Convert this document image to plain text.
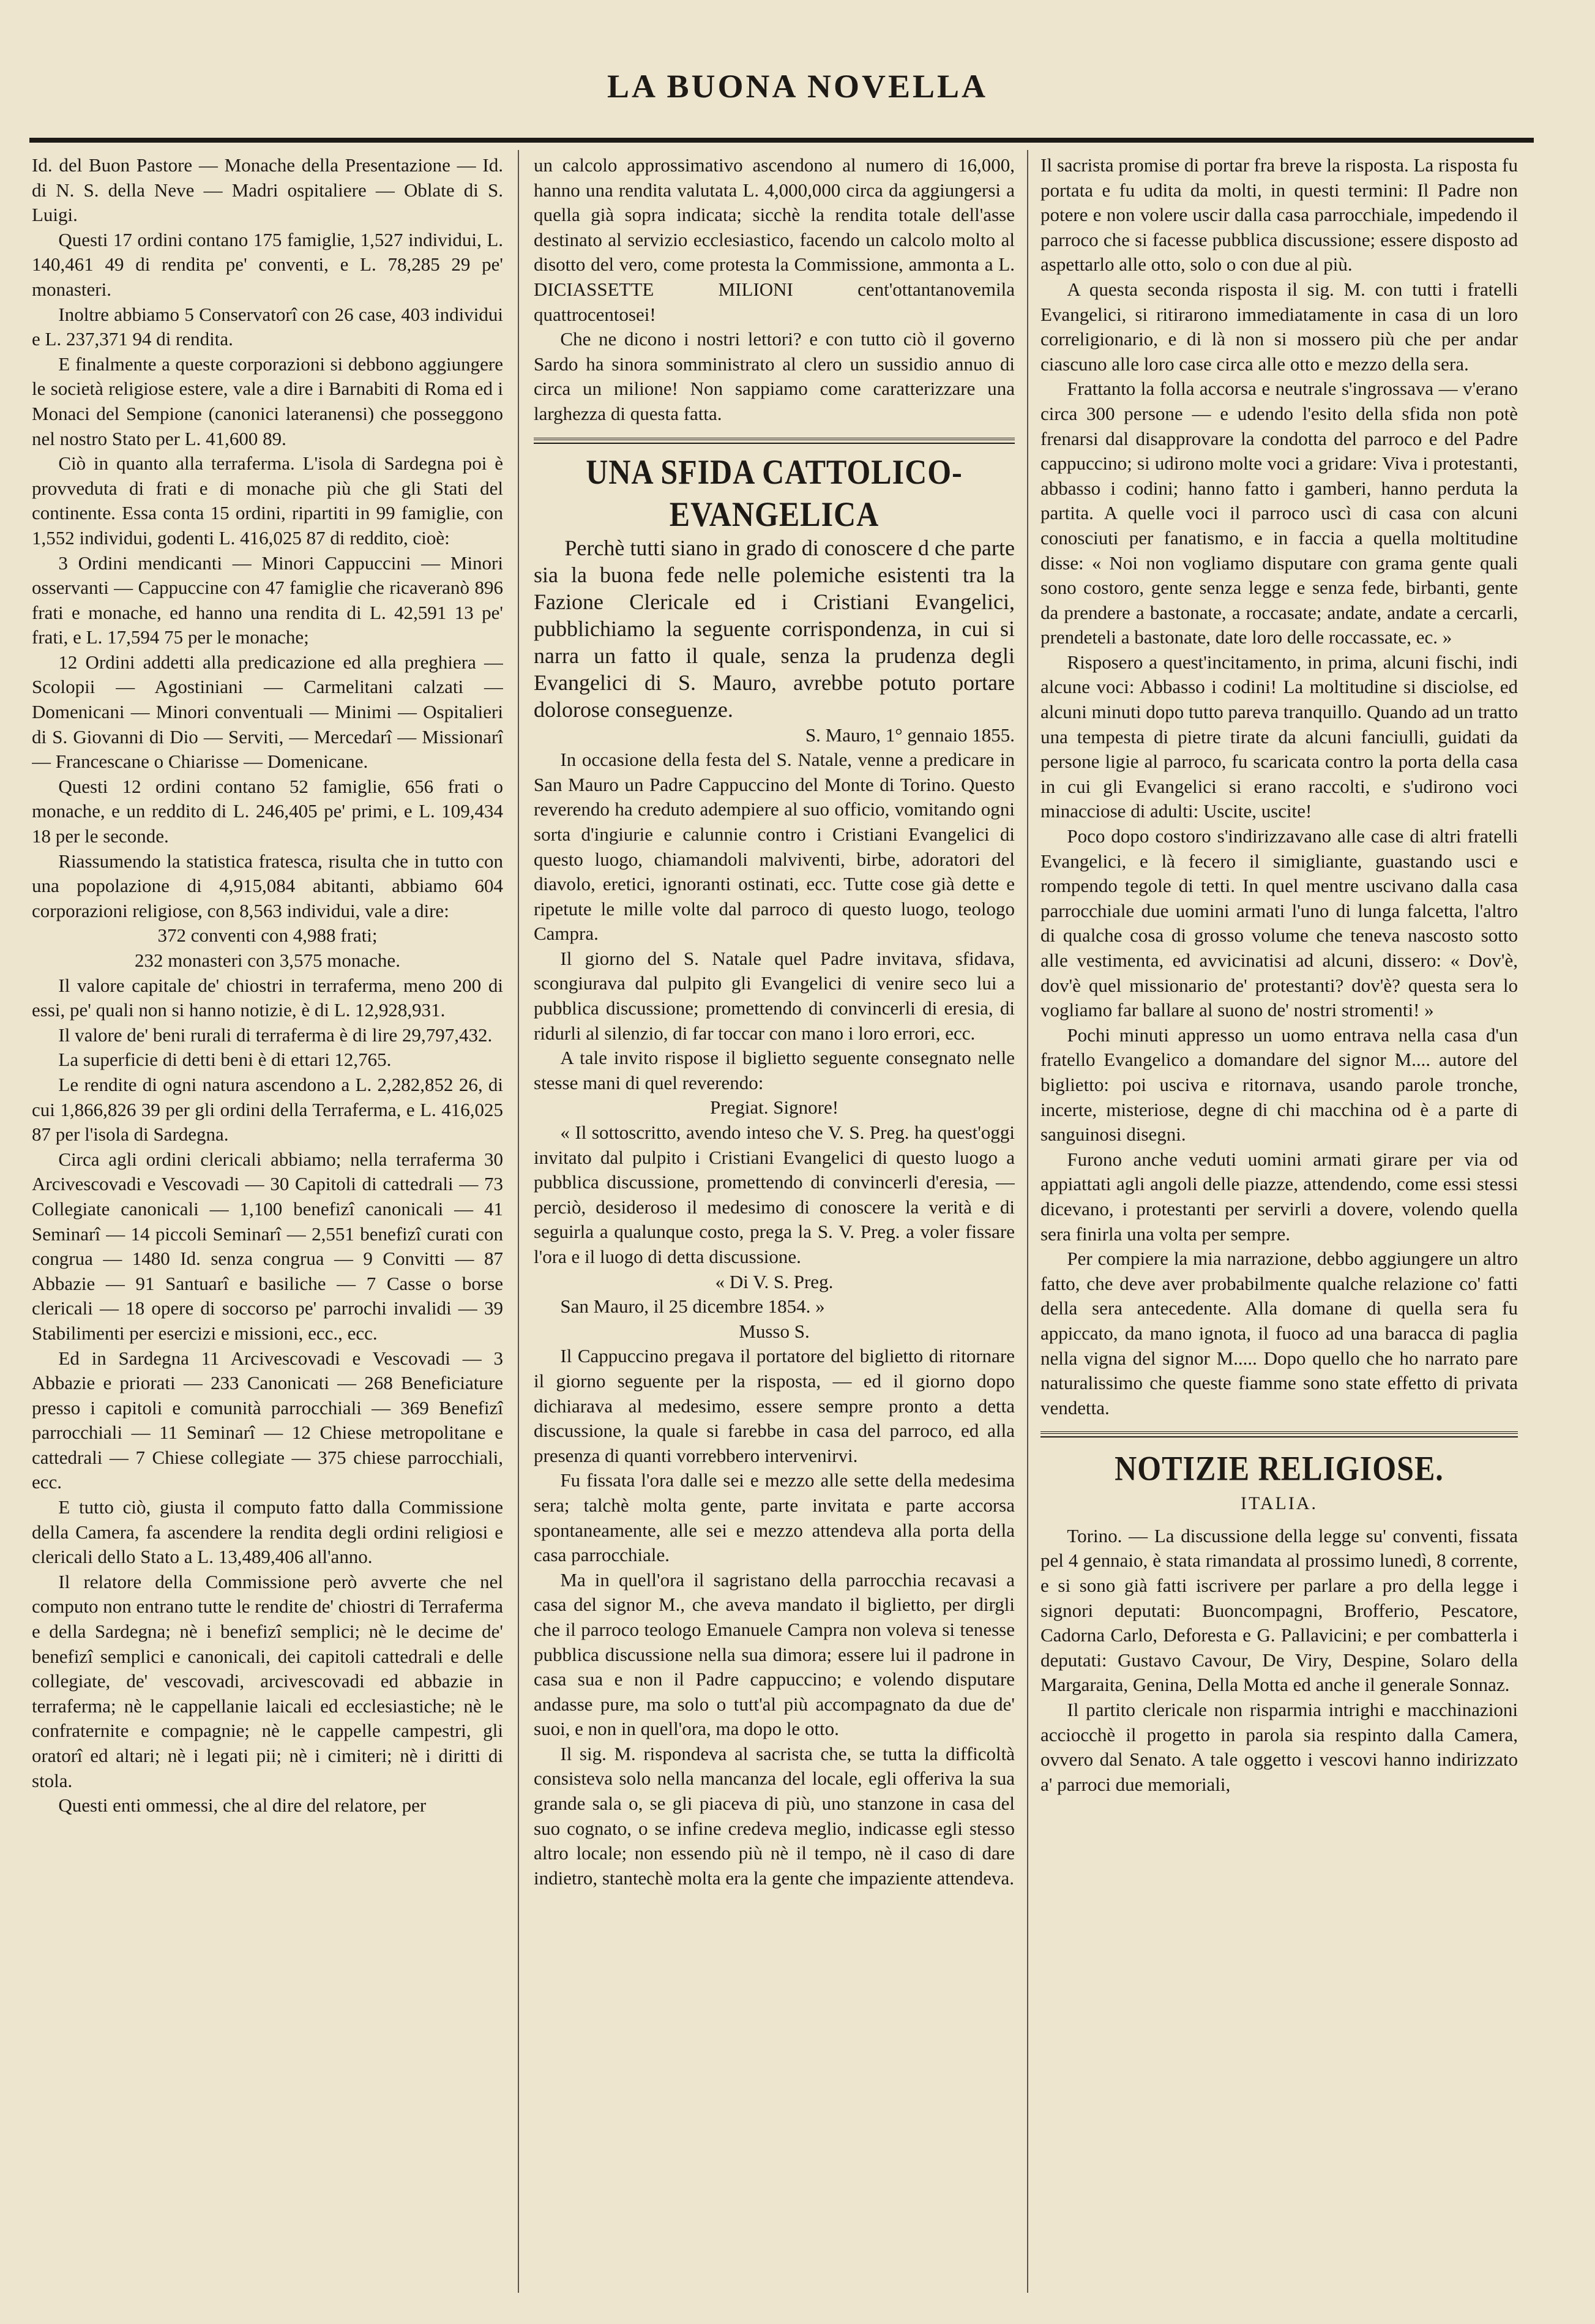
LA BUONA NOVELLA

Id. del Buon Pastore — Monache della Presentazione — Id. di N. S. della Neve — Madri ospitaliere — Oblate di S. Luigi.

Questi 17 ordini contano 175 famiglie, 1,527 individui, L. 140,461 49 di rendita pe' conventi, e L. 78,285 29 pe' monasteri.

Inoltre abbiamo 5 Conservatorî con 26 case, 403 individui e L. 237,371 94 di rendita.

E finalmente a queste corporazioni si debbono aggiungere le società religiose estere, vale a dire i Barnabiti di Roma ed i Monaci del Sempione (canonici lateranensi) che posseggono nel nostro Stato per L. 41,600 89.

Ciò in quanto alla terraferma. L'isola di Sardegna poi è provveduta di frati e di monache più che gli Stati del continente. Essa conta 15 ordini, ripartiti in 99 famiglie, con 1,552 individui, godenti L. 416,025 87 di reddito, cioè:

3 Ordini mendicanti — Minori Cappuccini — Minori osservanti — Cappuccine con 47 famiglie che ricaveranò 896 frati e monache, ed hanno una rendita di L. 42,591 13 pe' frati, e L. 17,594 75 per le monache;

12 Ordini addetti alla predicazione ed alla preghiera — Scolopii — Agostiniani — Carmelitani calzati — Domenicani — Minori conventuali — Minimi — Ospitalieri di S. Giovanni di Dio — Serviti, — Mercedarî — Missionarî — Francescane o Chiarisse — Domenicane.

Questi 12 ordini contano 52 famiglie, 656 frati o monache, e un reddito di L. 246,405 pe' primi, e L. 109,434 18 per le seconde.

Riassumendo la statistica fratesca, risulta che in tutto con una popolazione di 4,915,084 abitanti, abbiamo 604 corporazioni religiose, con 8,563 individui, vale a dire:

372 conventi con 4,988 frati;

232 monasteri con 3,575 monache.

Il valore capitale de' chiostri in terraferma, meno 200 di essi, pe' quali non si hanno notizie, è di L. 12,928,931.

Il valore de' beni rurali di terraferma è di lire 29,797,432.

La superficie di detti beni è di ettari 12,765.

Le rendite di ogni natura ascendono a L. 2,282,852 26, di cui 1,866,826 39 per gli ordini della Terraferma, e L. 416,025 87 per l'isola di Sardegna.

Circa agli ordini clericali abbiamo; nella terraferma 30 Arcivescovadi e Vescovadi — 30 Capitoli di cattedrali — 73 Collegiate canonicali — 1,100 benefizî canonicali — 41 Seminarî — 14 piccoli Seminarî — 2,551 benefizî curati con congrua — 1480 Id. senza congrua — 9 Convitti — 87 Abbazie — 91 Santuarî e basiliche — 7 Casse o borse clericali — 18 opere di soccorso pe' parrochi invalidi — 39 Stabilimenti per esercizi e missioni, ecc., ecc.

Ed in Sardegna 11 Arcivescovadi e Vescovadi — 3 Abbazie e priorati — 233 Canonicati — 268 Beneficiature presso i capitoli e comunità parrocchiali — 369 Benefizî parrocchiali — 11 Seminarî — 12 Chiese metropolitane e cattedrali — 7 Chiese collegiate — 375 chiese parrocchiali, ecc.

E tutto ciò, giusta il computo fatto dalla Commissione della Camera, fa ascendere la rendita degli ordini religiosi e clericali dello Stato a L. 13,489,406 all'anno.

Il relatore della Commissione però avverte che nel computo non entrano tutte le rendite de' chiostri di Terraferma e della Sardegna; nè i benefizî semplici; nè le decime de' benefizî semplici e canonicali, dei capitoli cattedrali e delle collegiate, de' vescovadi, arcivescovadi ed abbazie in terraferma; nè le cappellanie laicali ed ecclesiastiche; nè le confraternite e compagnie; nè le cappelle campestri, gli oratorî ed altari; nè i legati pii; nè i cimiteri; nè i diritti di stola.

Questi enti ommessi, che al dire del relatore, per

un calcolo approssimativo ascendono al numero di 16,000, hanno una rendita valutata L. 4,000,000 circa da aggiungersi a quella già sopra indicata; sicchè la rendita totale dell'asse destinato al servizio ecclesiastico, facendo un calcolo molto al disotto del vero, come protesta la Commissione, ammonta a L. DICIASSETTE MILIONI cent'ottantanovemila quattrocentosei!

Che ne dicono i nostri lettori? e con tutto ciò il governo Sardo ha sinora somministrato al clero un sussidio annuo di circa un milione! Non sappiamo come caratterizzare una larghezza di questa fatta.

UNA SFIDA CATTOLICO-EVANGELICA

Perchè tutti siano in grado di conoscere d che parte sia la buona fede nelle polemiche esistenti tra la Fazione Clericale ed i Cristiani Evangelici, pubblichiamo la seguente corrispondenza, in cui si narra un fatto il quale, senza la prudenza degli Evangelici di S. Mauro, avrebbe potuto portare dolorose conseguenze.

S. Mauro, 1° gennaio 1855.

In occasione della festa del S. Natale, venne a predicare in San Mauro un Padre Cappuccino del Monte di Torino. Questo reverendo ha creduto adempiere al suo officio, vomitando ogni sorta d'ingiurie e calunnie contro i Cristiani Evangelici di questo luogo, chiamandoli malviventi, birbe, adoratori del diavolo, eretici, ignoranti ostinati, ecc. Tutte cose già dette e ripetute le mille volte dal parroco di questo luogo, teologo Campra.

Il giorno del S. Natale quel Padre invitava, sfidava, scongiurava dal pulpito gli Evangelici di venire seco lui a pubblica discussione; promettendo di convincerli di eresia, di ridurli al silenzio, di far toccar con mano i loro errori, ecc.

A tale invito rispose il biglietto seguente consegnato nelle stesse mani di quel reverendo:

Pregiat. Signore!

« Il sottoscritto, avendo inteso che V. S. Preg. ha quest'oggi invitato dal pulpito i Cristiani Evangelici di questo luogo a pubblica discussione, promettendo di convincerli d'eresia, — perciò, desideroso il medesimo di conoscere la verità e di seguirla a qualunque costo, prega la S. V. Preg. a voler fissare l'ora e il luogo di detta discussione.

« Di V. S. Preg.

San Mauro, il 25 dicembre 1854. »

Musso S.

Il Cappuccino pregava il portatore del biglietto di ritornare il giorno seguente per la risposta, — ed il giorno dopo dichiarava al medesimo, essere sempre pronto a detta discussione, la quale si farebbe in casa del parroco, ed alla presenza di quanti vorrebbero intervenirvi.

Fu fissata l'ora dalle sei e mezzo alle sette della medesima sera; talchè molta gente, parte invitata e parte accorsa spontaneamente, alle sei e mezzo attendeva alla porta della casa parrocchiale.

Ma in quell'ora il sagristano della parrocchia recavasi a casa del signor M., che aveva mandato il biglietto, per dirgli che il parroco teologo Emanuele Campra non voleva si tenesse pubblica discussione nella sua dimora; essere lui il padrone in casa sua e non il Padre cappuccino; e volendo disputare andasse pure, ma solo o tutt'al più accompagnato da due de' suoi, e non in quell'ora, ma dopo le otto.

Il sig. M. rispondeva al sacrista che, se tutta la difficoltà consisteva solo nella mancanza del locale, egli offeriva la sua grande sala o, se gli piaceva di più, uno stanzone in casa del suo cognato, o se infine credeva meglio, indicasse egli stesso altro locale; non essendo più nè il tempo, nè il caso di dare indietro, stantechè molta era la gente che impaziente attendeva.

Il sacrista promise di portar fra breve la risposta. La risposta fu portata e fu udita da molti, in questi termini: Il Padre non potere e non volere uscir dalla casa parrocchiale, impedendo il parroco che si facesse pubblica discussione; essere disposto ad aspettarlo alle otto, solo o con due al più.

A questa seconda risposta il sig. M. con tutti i fratelli Evangelici, si ritirarono immediatamente in casa di un loro correligionario, e di là non si mossero più che per andar ciascuno alle loro case circa alle otto e mezzo della sera.

Frattanto la folla accorsa e neutrale s'ingrossava — v'erano circa 300 persone — e udendo l'esito della sfida non potè frenarsi dal disapprovare la condotta del parroco e del Padre cappuccino; si udirono molte voci a gridare: Viva i protestanti, abbasso i codini; hanno fatto i gamberi, hanno perduta la partita. A quelle voci il parroco uscì di casa con alcuni conosciuti per fanatismo, e in faccia a quella moltitudine disse: « Noi non vogliamo disputare con grama gente quali sono costoro, gente senza legge e senza fede, birbanti, gente da prendere a bastonate, a roccasate; andate, andate a cercarli, prendeteli a bastonate, date loro delle roccassate, ec. »

Risposero a quest'incitamento, in prima, alcuni fischi, indi alcune voci: Abbasso i codini! La moltitudine si disciolse, ed alcuni minuti dopo tutto pareva tranquillo. Quando ad un tratto una tempesta di pietre tirate da alcuni fanciulli, guidati da persone ligie al parroco, fu scaricata contro la porta della casa in cui gli Evangelici si erano raccolti, e s'udirono voci minacciose di adulti: Uscite, uscite!

Poco dopo costoro s'indirizzavano alle case di altri fratelli Evangelici, e là fecero il simigliante, guastando usci e rompendo tegole di tetti. In quel mentre uscivano dalla casa parrocchiale due uomini armati l'uno di lunga falcetta, l'altro di qualche cosa di grosso volume che teneva nascosto sotto alle vestimenta, ed avvicinatisi ad alcuni, dissero: « Dov'è, dov'è quel missionario de' protestanti? dov'è? questa sera lo vogliamo far ballare al suono de' nostri stromenti! »

Pochi minuti appresso un uomo entrava nella casa d'un fratello Evangelico a domandare del signor M.... autore del biglietto: poi usciva e ritornava, usando parole tronche, incerte, misteriose, degne di chi macchina od è a parte di sanguinosi disegni.

Furono anche veduti uomini armati girare per via od appiattati agli angoli delle piazze, attendendo, come essi stessi dicevano, i protestanti per servirli a dovere, volendo quella sera finirla una volta per sempre.

Per compiere la mia narrazione, debbo aggiungere un altro fatto, che deve aver probabilmente qualche relazione co' fatti della sera antecedente. Alla domane di quella sera fu appiccato, da mano ignota, il fuoco ad una baracca di paglia nella vigna del signor M..... Dopo quello che ho narrato pare naturalissimo che queste fiamme sono state effetto di privata vendetta.

NOTIZIE RELIGIOSE.
ITALIA.

Torino. — La discussione della legge su' conventi, fissata pel 4 gennaio, è stata rimandata al prossimo lunedì, 8 corrente, e si sono già fatti iscrivere per parlare a pro della legge i signori deputati: Buoncompagni, Brofferio, Pescatore, Cadorna Carlo, Deforesta e G. Pallavicini; e per combatterla i deputati: Gustavo Cavour, De Viry, Despine, Solaro della Margaraita, Genina, Della Motta ed anche il generale Sonnaz.

Il partito clericale non risparmia intrighi e macchinazioni acciocchè il progetto in parola sia respinto dalla Camera, ovvero dal Senato. A tale oggetto i vescovi hanno indirizzato a' parroci due memoriali,
